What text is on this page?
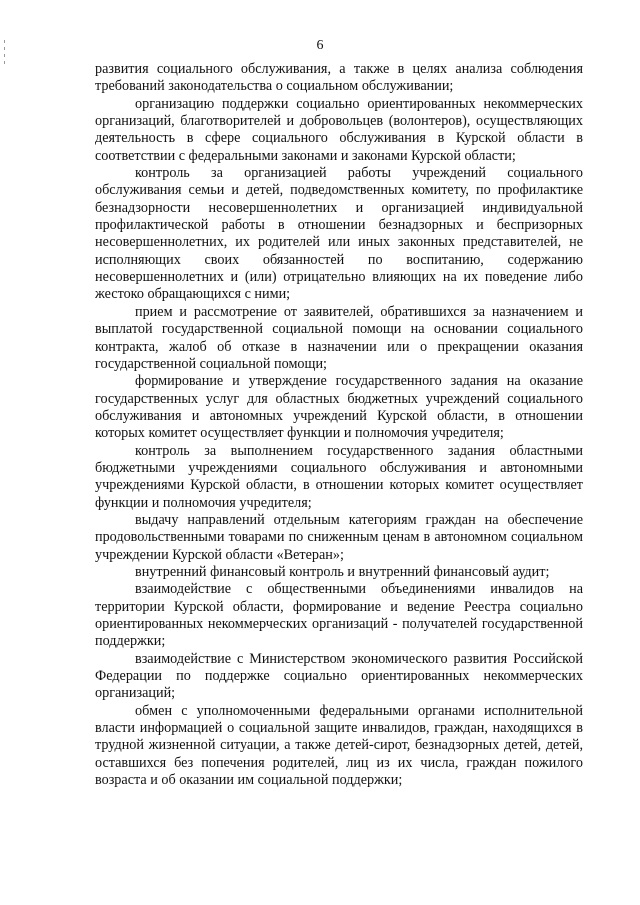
6

развития социального обслуживания, а также в целях анализа соблюдения требований законодательства о социальном обслуживании;

организацию поддержки социально ориентированных некоммерческих организаций, благотворителей и добровольцев (волонтеров), осуществляющих деятельность в сфере социального обслуживания в Курской области в соответствии с федеральными законами и законами Курской области;

контроль за организацией работы учреждений социального обслуживания семьи и детей, подведомственных комитету, по профилактике безнадзорности несовершеннолетних и организацией индивидуальной профилактической работы в отношении безнадзорных и беспризорных несовершеннолетних, их родителей или иных законных представителей, не исполняющих своих обязанностей по воспитанию, содержанию несовершеннолетних и (или) отрицательно влияющих на их поведение либо жестоко обращающихся с ними;

прием и рассмотрение от заявителей, обратившихся за назначением и выплатой государственной социальной помощи на основании социального контракта, жалоб об отказе в назначении или о прекращении оказания государственной социальной помощи;

формирование и утверждение государственного задания на оказание государственных услуг для областных бюджетных учреждений социального обслуживания и автономных учреждений Курской области, в отношении которых комитет осуществляет функции и полномочия учредителя;

контроль за выполнением государственного задания областными бюджетными учреждениями социального обслуживания и автономными учреждениями Курской области, в отношении которых комитет осуществляет функции и полномочия учредителя;

выдачу направлений отдельным категориям граждан на обеспечение продовольственными товарами по сниженным ценам в автономном социальном учреждении Курской области «Ветеран»;

внутренний финансовый контроль и внутренний финансовый аудит;

взаимодействие с общественными объединениями инвалидов на территории Курской области, формирование и ведение Реестра социально ориентированных некоммерческих организаций - получателей государственной поддержки;

взаимодействие с Министерством экономического развития Российской Федерации по поддержке социально ориентированных некоммерческих организаций;

обмен с уполномоченными федеральными органами исполнительной власти информацией о социальной защите инвалидов, граждан, находящихся в трудной жизненной ситуации, а также детей-сирот, безнадзорных детей, детей, оставшихся без попечения родителей, лиц из их числа, граждан пожилого возраста и об оказании им социальной поддержки;
